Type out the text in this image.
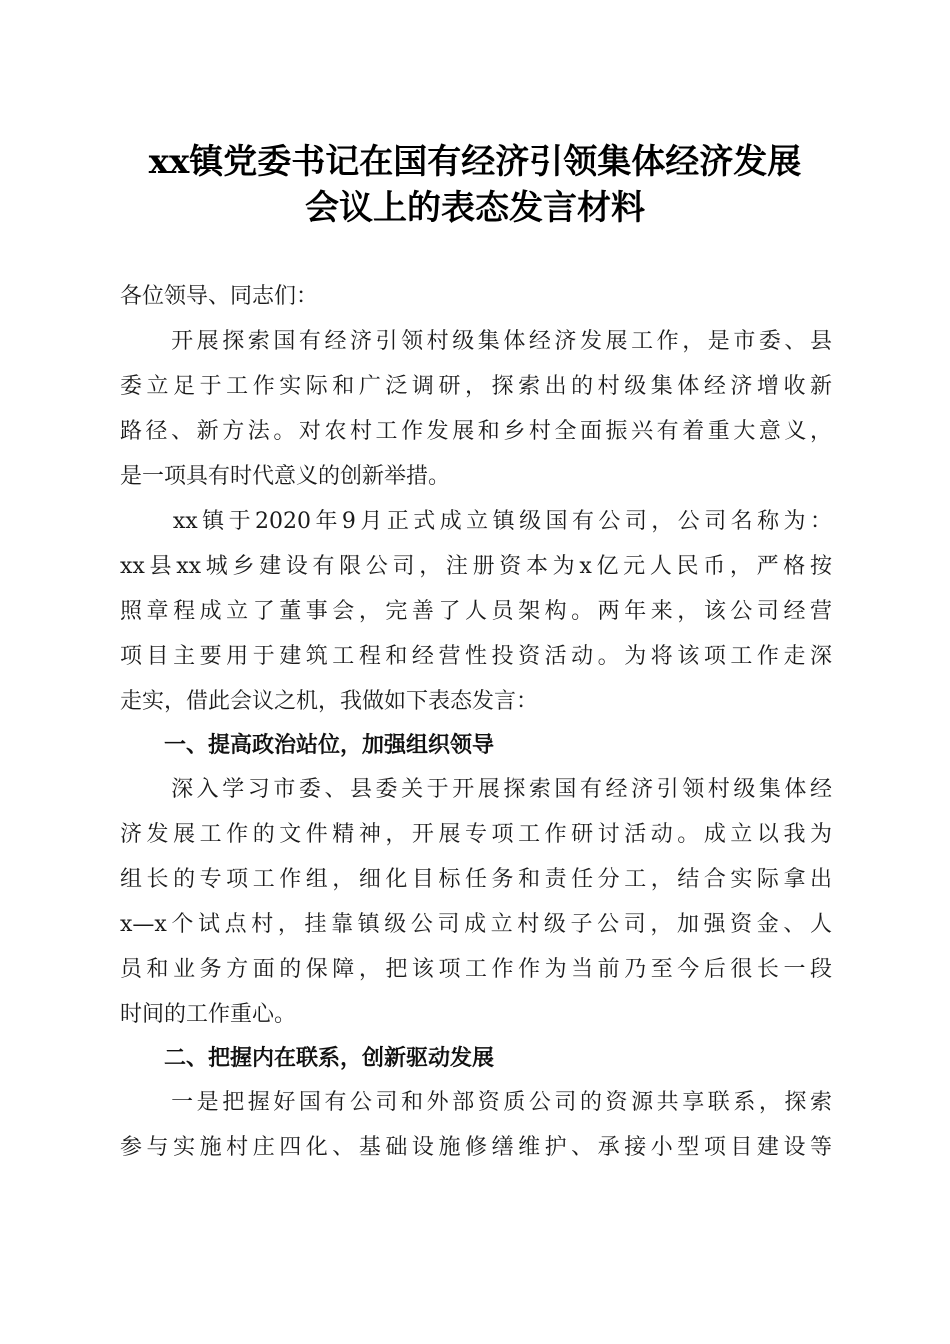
xx镇党委书记在国有经济引领集体经济发展
会议上的表态发言材料
各位领导、同志们：
　　开展探索国有经济引领村级集体经济发展工作，是市委、县
委立足于工作实际和广泛调研，探索出的村级集体经济增收新
路径、新方法。对农村工作发展和乡村全面振兴有着重大意义，
是一项具有时代意义的创新举措。
　　xx镇于2020年9月正式成立镇级国有公司，公司名称为：
xx县xx城乡建设有限公司，注册资本为x亿元人民币，严格按
照章程成立了董事会，完善了人员架构。两年来，该公司经营
项目主要用于建筑工程和经营性投资活动。为将该项工作走深
走实，借此会议之机，我做如下表态发言：
　　一、提高政治站位，加强组织领导
　　深入学习市委、县委关于开展探索国有经济引领村级集体经
济发展工作的文件精神，开展专项工作研讨活动。成立以我为
组长的专项工作组，细化目标任务和责任分工，结合实际拿出
x—x个试点村，挂靠镇级公司成立村级子公司，加强资金、人
员和业务方面的保障，把该项工作作为当前乃至今后很长一段
时间的工作重心。
　　二、把握内在联系，创新驱动发展
　　一是把握好国有公司和外部资质公司的资源共享联系，探索
参与实施村庄四化、基础设施修缮维护、承接小型项目建设等
